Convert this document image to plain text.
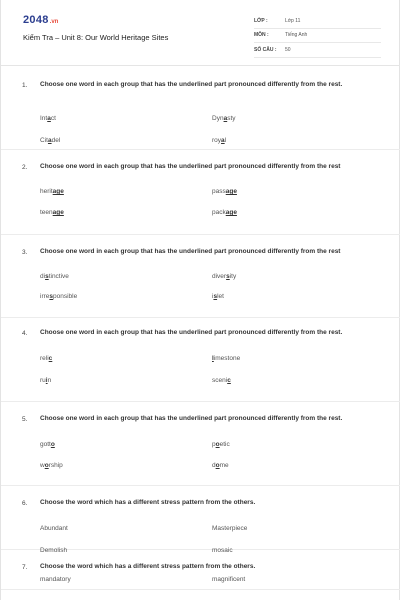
2048 .vn
Kiểm Tra – Unit 8: Our World Heritage Sites
LỚP :	Lớp 11
MÔN :	Tiếng Anh
SỐ CÂU :	50
1. Choose one word in each group that has the underlined part pronounced differently from the rest.
Intact	Dynasty
Citadel	royal
2. Choose one word in each group that has the underlined part pronounced differently from the rest
heritage	passage
teenage	package
3. Choose one word in each group that has the underlined part pronounced differently from the rest
distinctive	diversity
irresponsible	islet
4. Choose one word in each group that has the underlined part pronounced differently from the rest.
relic	limestone
ruin	scenic
5. Choose one word in each group that has the underlined part pronounced differently from the rest.
gotto	poetic
worship	dome
6. Choose the word which has a different stress pattern from the others.
Abundant	Masterpiece
Demolish	mosaic
7. Choose the word which has a different stress pattern from the others.
mandatory	magnificent
